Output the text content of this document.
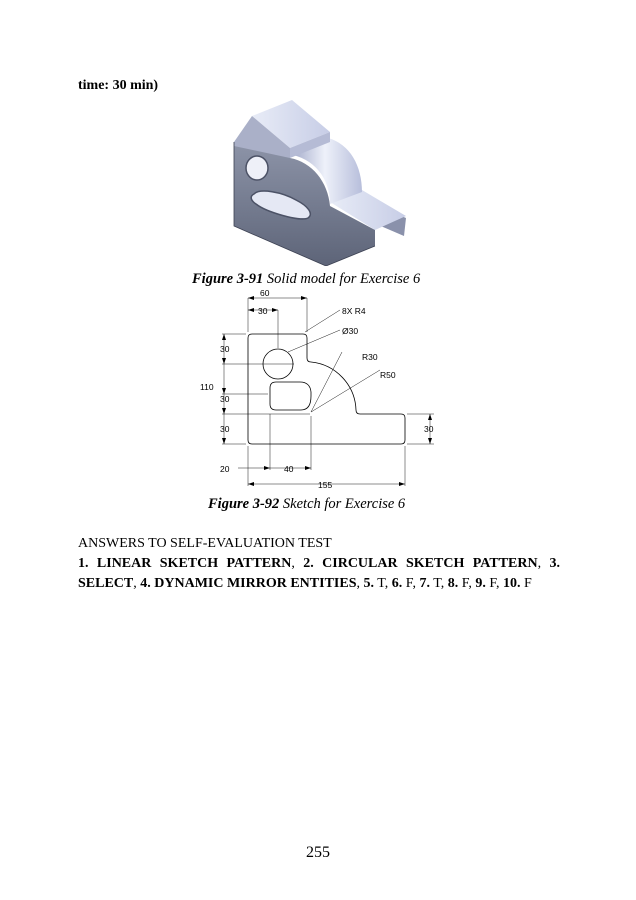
time: 30 min)
Figure 3-91 Solid model for Exercise 6
60
30	8X R4
Ø30
R30
R50
30
110
30
30	30
20	40
155
Figure 3-92 Sketch for Exercise 6
ANSWERS TO SELF-EVALUATION TEST
1. LINEAR SKETCH PATTERN, 2. CIRCULAR SKETCH PATTERN, 3. SELECT, 4. DYNAMIC MIRROR ENTITIES, 5. T, 6. F, 7. T, 8. F, 9. F, 10. F
255
